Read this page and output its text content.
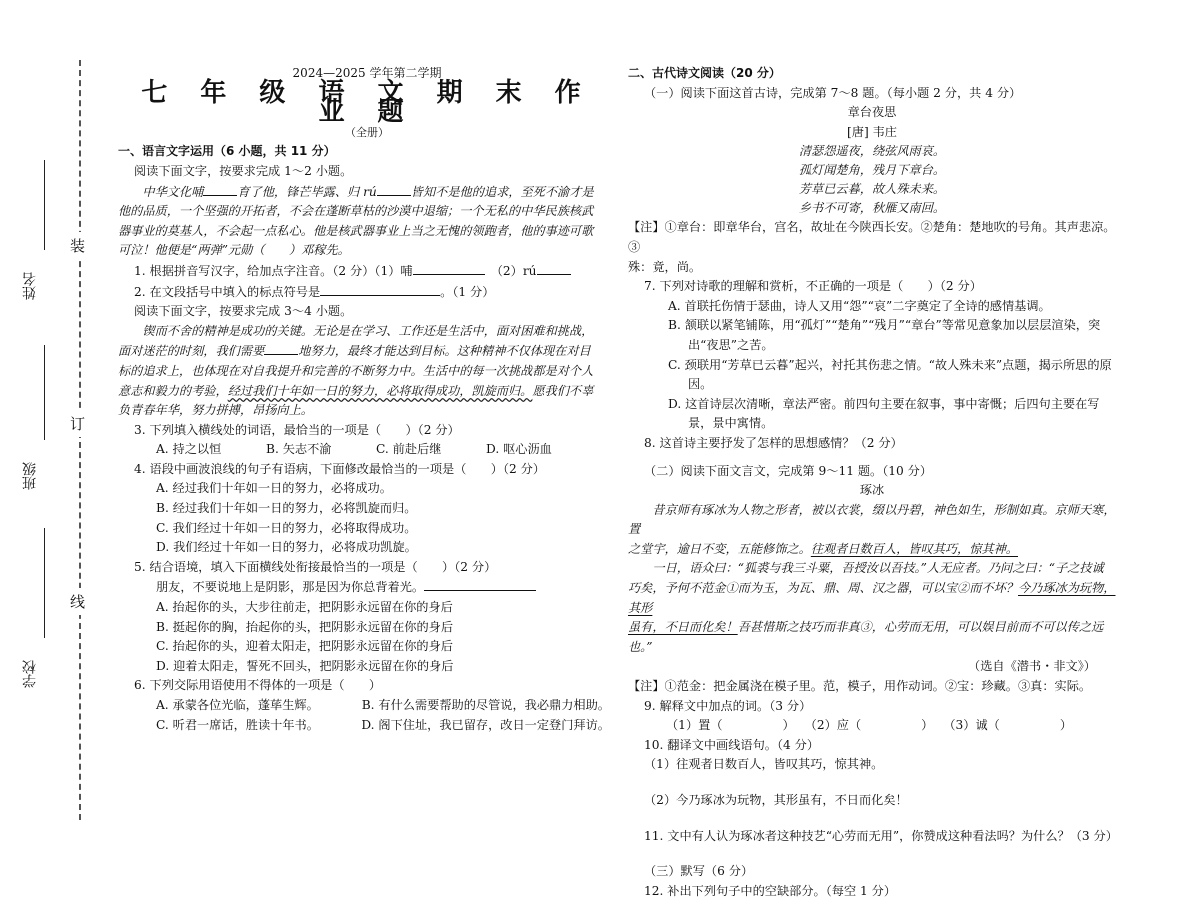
装
订
线
姓名
班级
学校
2024—2025 学年第二学期
七 年 级 语 文 期 末 作 业 题
（全册）
一、语言文字运用（6 小题，共 11 分）
阅读下面文字，按要求完成 1～2 小题。
中华文化哺	育了他，锋芒毕露、归 rú	皆知不是他的追求，至死不渝才是
他的品质，一个坚强的开拓者，不会在蓬断草枯的沙漠中退缩；一个无私的中华民族核武
器事业的莫基人，不会起一点私心。他是核武器事业上当之无愧的领跑者，他的事迹可歌
可泣！他便是“两弹”元勋（　　）邓稼先。
1. 根据拼音写汉字，给加点字注音。（2 分）（1）哺　	（2）rú
2. 在文段括号中填入的标点符号是	。（1 分）
阅读下面文字，按要求完成 3～4 小题。
锲而不舍的精神是成功的关键。无论是在学习、工作还是生活中，面对困难和挑战，
面对迷茫的时刻，我们需要	地努力，最终才能达到目标。这种精神不仅体现在对目
标的追求上，也体现在对自我提升和完善的不断努力中。生活中的每一次挑战都是对个人
意志和毅力的考验，经过我们十年如一日的努力，必将取得成功，凯旋而归。愿我们不辜
负青春年华，努力拼搏，昂扬向上。
3. 下列填入横线处的词语，最恰当的一项是（　　）（2 分）
A. 持之以恒	B. 矢志不渝	C. 前赴后继	D. 呕心沥血
4. 语段中画波浪线的句子有语病，下面修改最恰当的一项是（　　）（2 分）
A. 经过我们十年如一日的努力，必将成功。
B. 经过我们十年如一日的努力，必将凯旋而归。
C. 我们经过十年如一日的努力，必将取得成功。
D. 我们经过十年如一日的努力，必将成功凯旋。
5. 结合语境，填入下面横线处衔接最恰当的一项是（　　）（2 分）
朋友，不要说地上是阴影，那是因为你总背着光。
A. 抬起你的头，大步往前走，把阴影永远留在你的身后
B. 挺起你的胸，抬起你的头，把阴影永远留在你的身后
C. 抬起你的头，迎着太阳走，把阴影永远留在你的身后
D. 迎着太阳走，誓死不回头，把阴影永远留在你的身后
6. 下列交际用语使用不得体的一项是（　　）
A. 承蒙各位光临，蓬荜生辉。	B. 有什么需要帮助的尽管说，我必鼎力相助。
C. 听君一席话，胜读十年书。	D. 阁下住址，我已留存，改日一定登门拜访。
二、古代诗文阅读（20 分）
（一）阅读下面这首古诗，完成第 7～8 题。（每小题 2 分，共 4 分）
章台夜思
[唐] 韦庄
清瑟怨遥夜，绕弦风雨哀。
孤灯闻楚角，残月下章台。
芳草已云暮，故人殊未来。
乡书不可寄，秋雁又南回。
【注】①章台：即章华台，宫名，故址在今陕西长安。②楚角：楚地吹的号角。其声悲凉。③
殊：竟，尚。
7. 下列对诗歌的理解和赏析，不正确的一项是（　　）（2 分）
A. 首联托伤情于瑟曲，诗人又用“怨”“哀”二字奠定了全诗的感情基调。
B. 颔联以紧笔铺陈，用“孤灯”“楚角”“残月”“章台”等常见意象加以层层渲染，突出“夜思”之苦。
C. 颈联用“芳草已云暮”起兴，衬托其伤悲之情。“故人殊未来”点题，揭示所思的原因。
D. 这首诗层次清晰，章法严密。前四句主要在叙事，事中寄慨；后四句主要在写景，景中寓情。
8. 这首诗主要抒发了怎样的思想感情？（2 分）
（二）阅读下面文言文，完成第 9～11 题。（10 分）
琢冰
昔京师有琢冰为人物之形者，被以衣裳，缀以丹碧，神色如生，形制如真。京师天寒，置
之堂宇，逾日不变，五能修饰之。往观者日数百人，皆叹其巧，惊其神。
一日，语众曰：“狐裘与我三斗粟，吾授汝以吾技。”人无应者。乃问之曰：“子之技诚
巧矣，予何不范金①而为玉，为瓦、鼎、周、汉之器，可以宝②而不坏？今乃琢冰为玩物，其形
虽有，不日而化矣！吾甚惜斯之技巧而非真③，心劳而无用，可以娱目前而不可以传之远也。”
（选自《潜书・非文》）
【注】①范金：把金属浇在模子里。范，模子，用作动词。②宝：珍藏。③真：实际。
9. 解释文中加点的词。（3 分）
（1）置（	） 　 （2）应（	） 　 （3）诚（	）
10. 翻译文中画线语句。（4 分）
（1）往观者日数百人，皆叹其巧，惊其神。
（2）今乃琢冰为玩物，其形虽有，不日而化矣！
11. 文中有人认为琢冰者这种技艺“心劳而无用”，你赞成这种看法吗？为什么？（3 分）
（三）默写（6 分）
12. 补出下列句子中的空缺部分。（每空 1 分）
